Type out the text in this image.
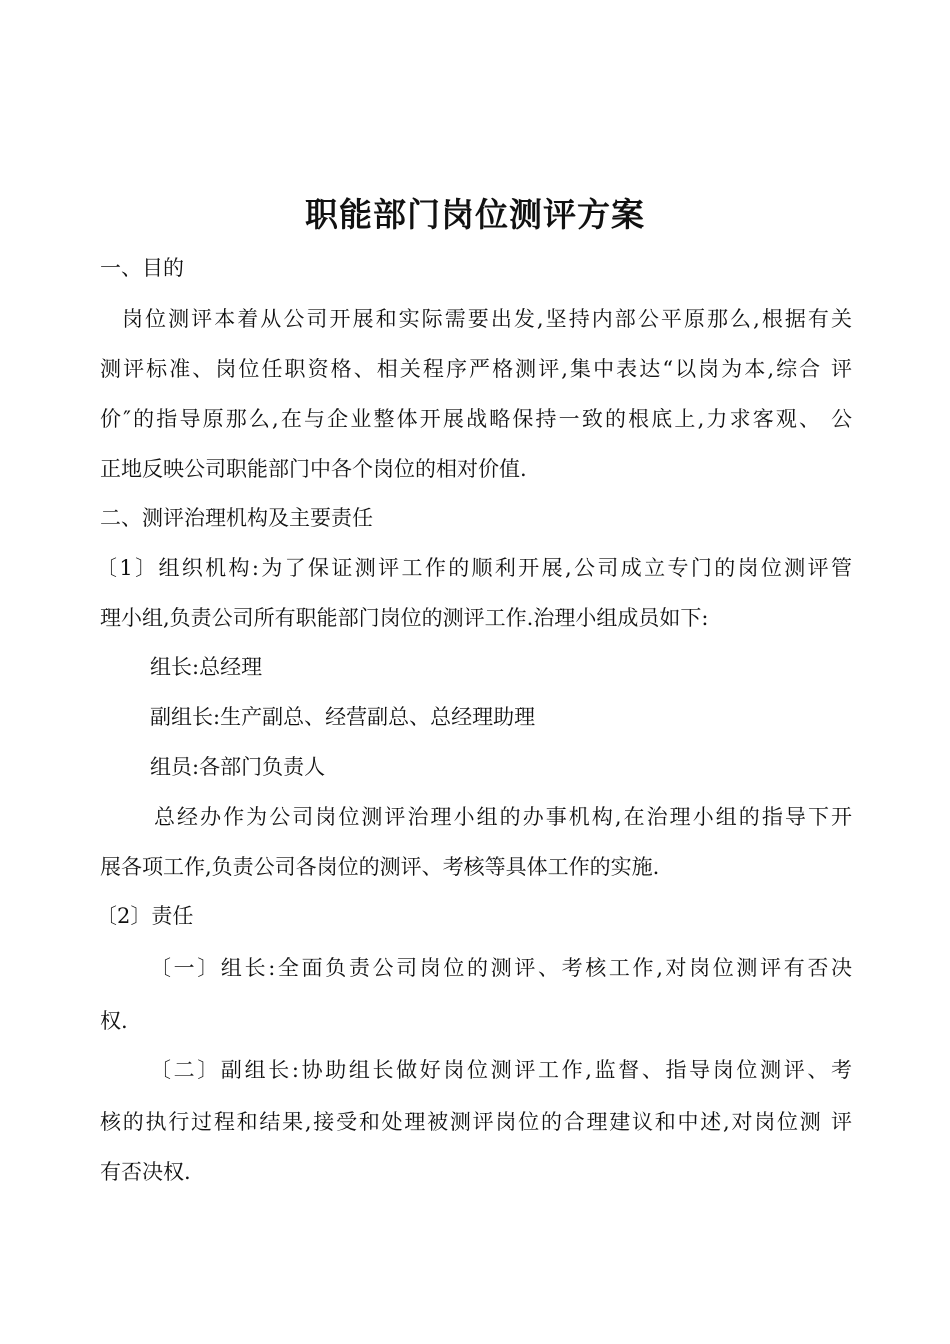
职能部门岗位测评方案
一、目的
岗位测评本着从公司开展和实际需要出发,坚持内部公平原那么,根据有关
测评标准、岗位任职资格、相关程序严格测评,集中表达“以岗为本,综合 评
价″的指导原那么,在与企业整体开展战略保持一致的根底上,力求客观、 公
正地反映公司职能部门中各个岗位的相对价值.
二、测评治理机构及主要责任
〔1〕组织机构:为了保证测评工作的顺利开展,公司成立专门的岗位测评管
理小组,负责公司所有职能部门岗位的测评工作.治理小组成员如下:
组长:总经理
副组长:生产副总、经营副总、总经理助理
组员:各部门负责人
总经办作为公司岗位测评治理小组的办事机构,在治理小组的指导下开
展各项工作,负责公司各岗位的测评、考核等具体工作的实施.
〔2〕责任
〔一〕组长:全面负责公司岗位的测评、考核工作,对岗位测评有否决
权.
〔二〕副组长:协助组长做好岗位测评工作,监督、指导岗位测评、考
核的执行过程和结果,接受和处理被测评岗位的合理建议和中述,对岗位测 评
有否决权.
